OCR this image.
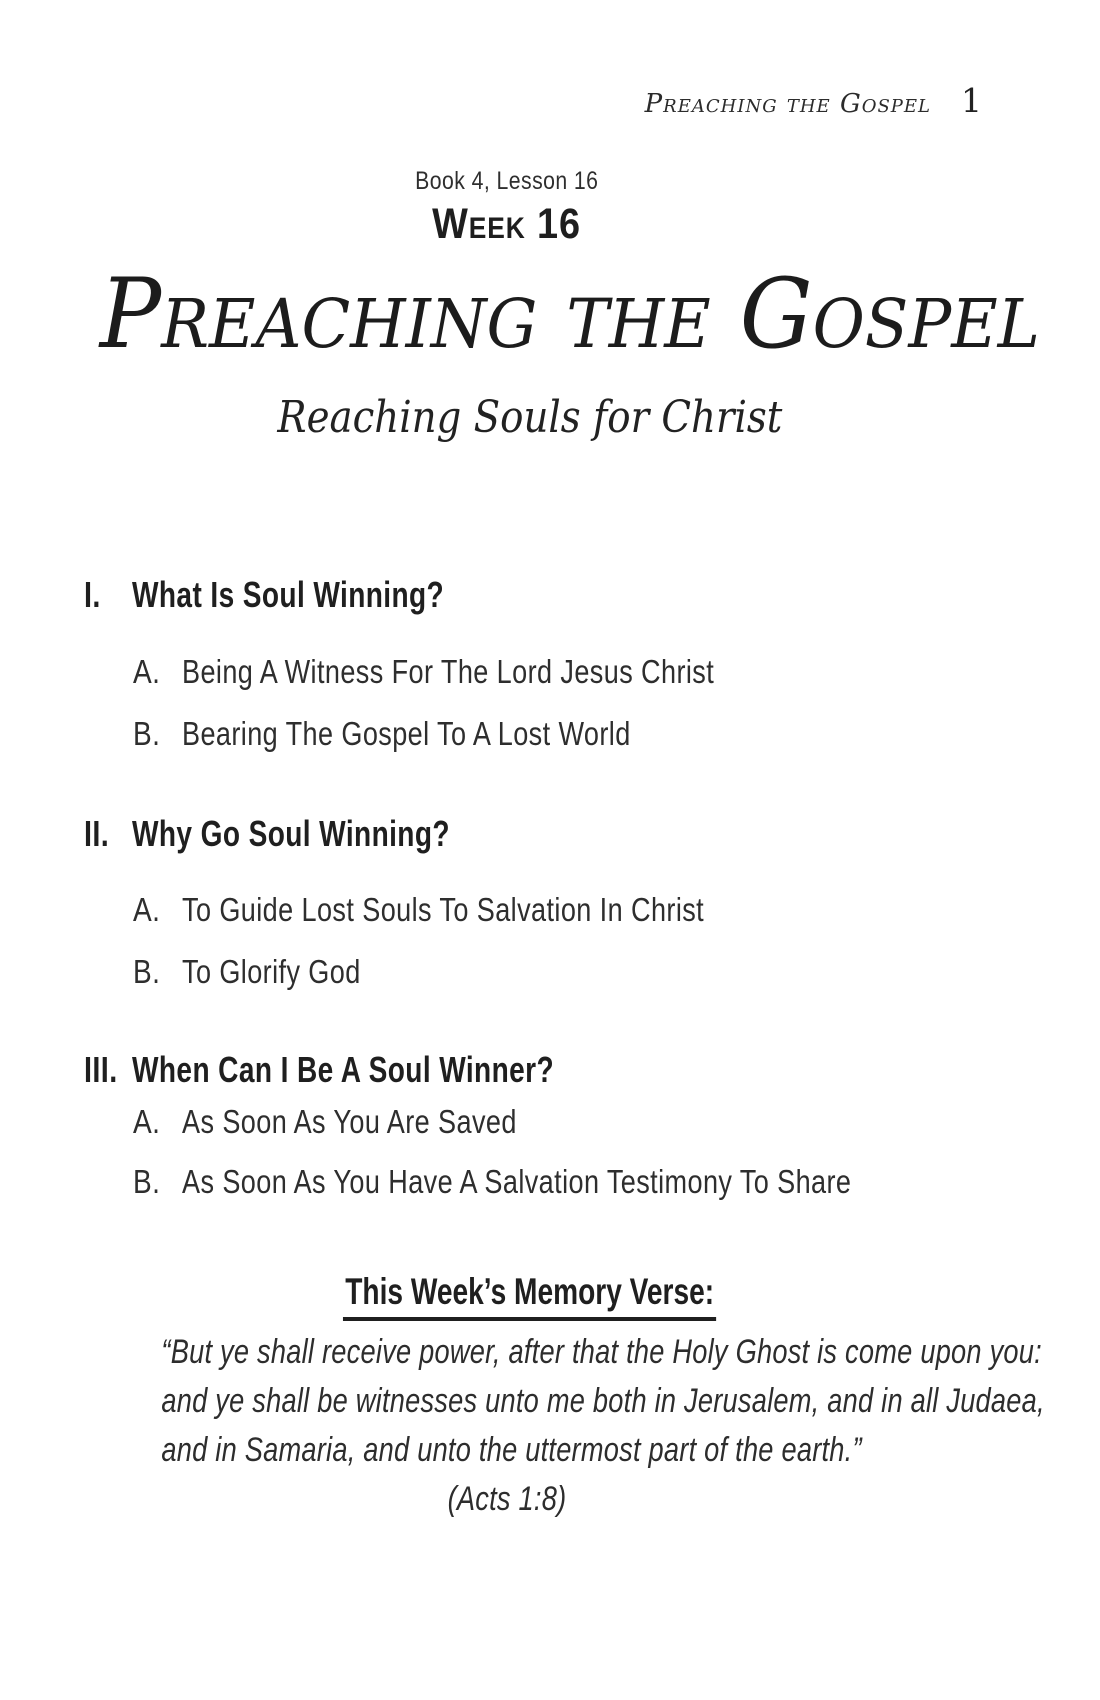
Preaching the Gospel 1
Book 4, Lesson 16
Week 16
Preaching the Gospel
Reaching Souls for Christ
I. What Is Soul Winning?
A. Being A Witness For The Lord Jesus Christ
B. Bearing The Gospel To A Lost World
II. Why Go Soul Winning?
A. To Guide Lost Souls To Salvation In Christ
B. To Glorify God
III. When Can I Be A Soul Winner?
A. As Soon As You Are Saved
B. As Soon As You Have A Salvation Testimony To Share
This Week’s Memory Verse:
“But ye shall receive power, after that the Holy Ghost is come upon you:
and ye shall be witnesses unto me both in Jerusalem, and in all Judaea,
and in Samaria, and unto the uttermost part of the earth.”
(Acts 1:8)
